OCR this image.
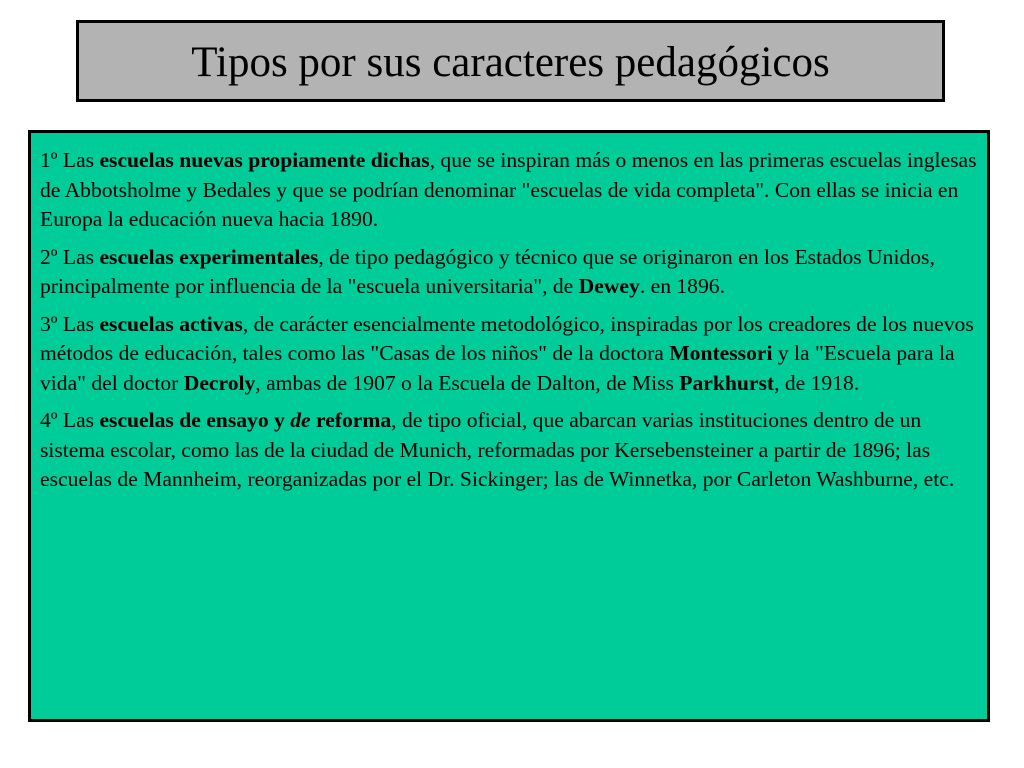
Tipos por sus caracteres pedagógicos

1º Las escuelas nuevas propiamente dichas, que se inspiran más o menos en las primeras escuelas inglesas de Abbotsholme y Bedales y que se podrían denominar "escuelas de vida completa". Con ellas se inicia en Europa la educación nueva hacia 1890.

2º Las escuelas experimentales, de tipo pedagógico y técnico que se originaron en los Estados Unidos, principalmente por influencia de la "escuela universitaria", de Dewey. en 1896.

3º Las escuelas activas, de carácter esencialmente metodológico, inspiradas por los creadores de los nuevos métodos de educación, tales como las "Casas de los niños" de la doctora Montessori y la "Escuela para la vida" del doctor Decroly, ambas de 1907 o la Escuela de Dalton, de Miss Parkhurst, de 1918.

4º Las escuelas de ensayo y de reforma, de tipo oficial, que abarcan varias instituciones dentro de un sistema escolar, como las de la ciudad de Munich, reformadas por Kersebensteiner a partir de 1896; las escuelas de Mannheim, reorganizadas por el Dr. Sickinger; las de Winnetka, por Carleton Washburne, etc.
